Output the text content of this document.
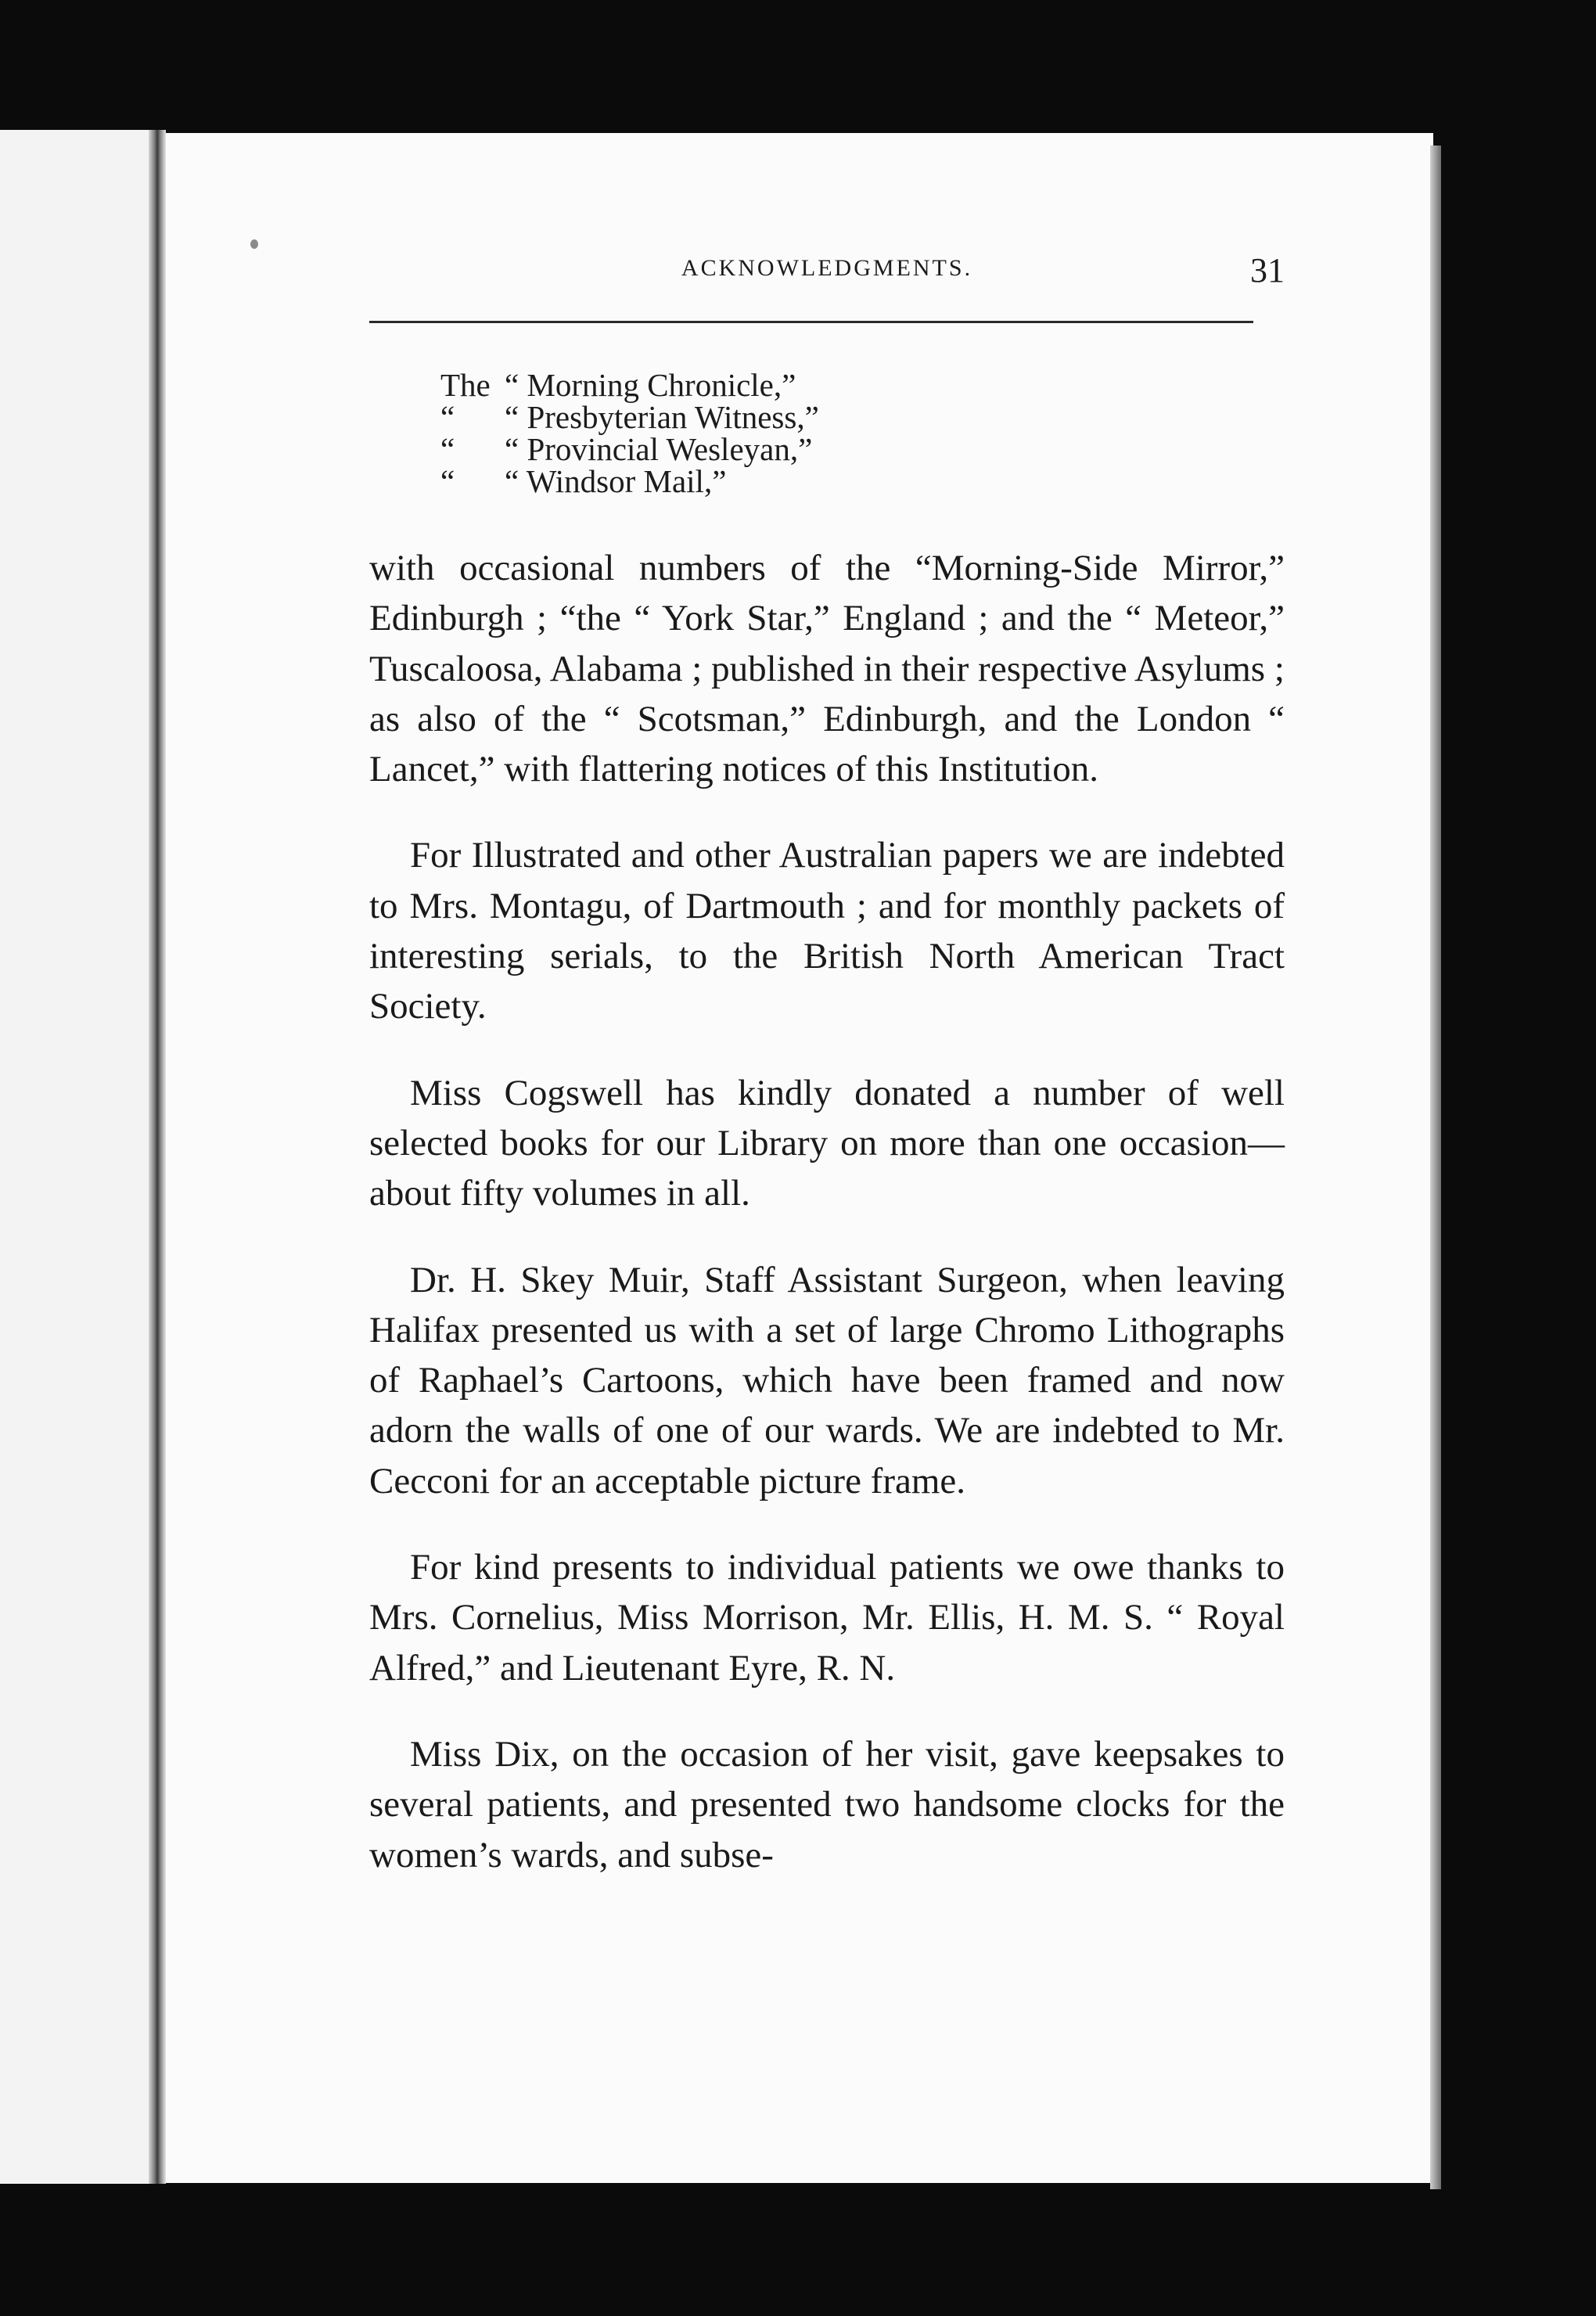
ACKNOWLEDGMENTS.	31
The “ Morning Chronicle,”
“ “ Presbyterian Witness,”
“ “ Provincial Wesleyan,”
“ “ Windsor Mail,”

with occasional numbers of the “Morning-Side Mirror,” Edinburgh ; “the “ York Star,” England ; and the “ Meteor,” Tuscaloosa, Alabama ; published in their respective Asylums ; as also of the “ Scotsman,” Edinburgh, and the London “ Lancet,” with flattering notices of this Institution.

For Illustrated and other Australian papers we are indebted to Mrs. Montagu, of Dartmouth ; and for monthly packets of interesting serials, to the British North American Tract Society.

Miss Cogswell has kindly donated a number of well selected books for our Library on more than one occasion—about fifty volumes in all.

Dr. H. Skey Muir, Staff Assistant Surgeon, when leaving Halifax presented us with a set of large Chromo Lithographs of Raphael’s Cartoons, which have been framed and now adorn the walls of one of our wards. We are indebted to Mr. Cecconi for an acceptable picture frame.

For kind presents to individual patients we owe thanks to Mrs. Cornelius, Miss Morrison, Mr. Ellis, H. M. S. “ Royal Alfred,” and Lieutenant Eyre, R. N.

Miss Dix, on the occasion of her visit, gave keepsakes to several patients, and presented two handsome clocks for the women’s wards, and subse-
